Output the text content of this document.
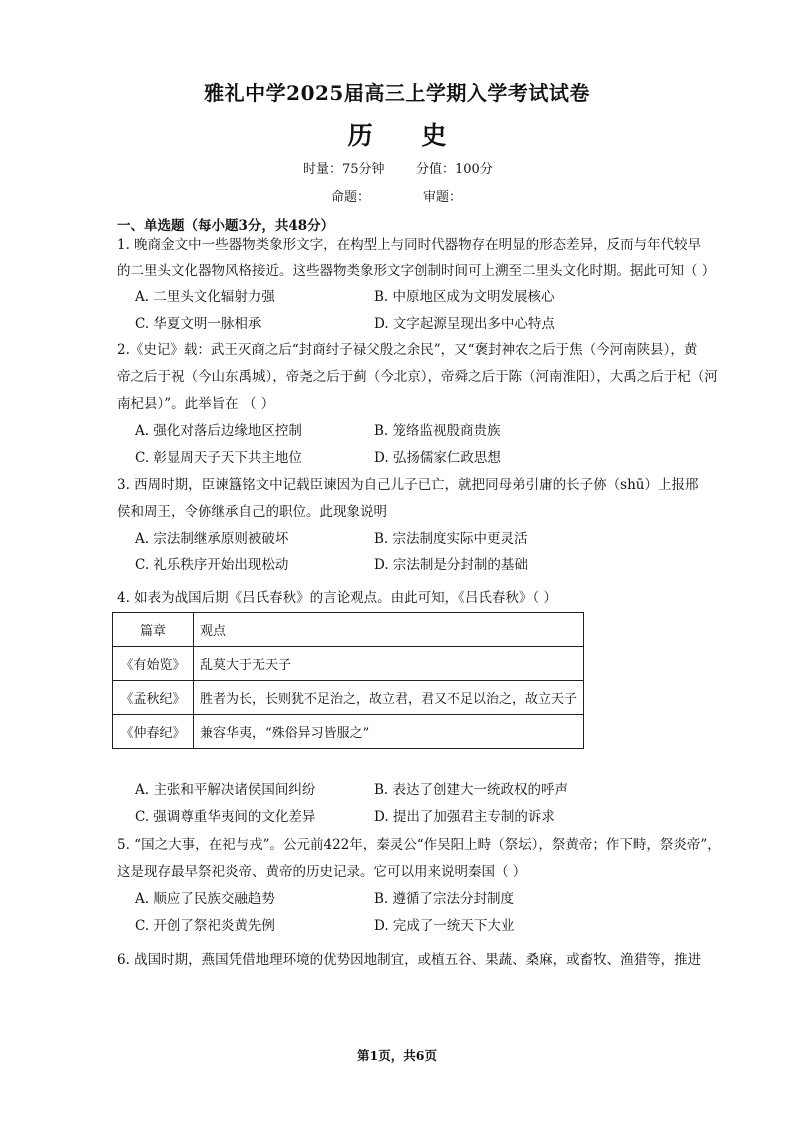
雅礼中学2025届高三上学期入学考试试卷
历 史
时量：75分钟 分值：100分
命题：	审题：
一、单选题（每小题3分，共48分）
1. 晚商金文中一些器物类象形文字，在构型上与同时代器物存在明显的形态差异，反而与年代较早
的二里头文化器物风格接近。这些器物类象形文字创制时间可上溯至二里头文化时期。据此可知（ ）
A. 二里头文化辐射力强	B. 中原地区成为文明发展核心
C. 华夏文明一脉相承	D. 文字起源呈现出多中心特点
2.《史记》载：武王灭商之后“封商纣子禄父殷之余民”，又“褒封神农之后于焦（今河南陕县），黄
帝之后于祝（今山东禹城），帝尧之后于蓟（今北京），帝舜之后于陈（河南淮阳），大禹之后于杞（河
南杞县）”。此举旨在 （ ）
A. 强化对落后边缘地区控制	B. 笼络监视殷商贵族
C. 彰显周天子天下共主地位	D. 弘扬儒家仁政思想
3. 西周时期，臣谏簋铭文中记载臣谏因为自己儿子已亡，就把同母弟引庸的长子㑊（shū）上报邢
侯和周王，令㑊继承自己的职位。此现象说明
A. 宗法制继承原则被破坏	B. 宗法制度实际中更灵活
C. 礼乐秩序开始出现松动	D. 宗法制是分封制的基础
4. 如表为战国后期《吕氏春秋》的言论观点。由此可知，《吕氏春秋》（ ）
篇章	观点
《有始览》	乱莫大于无天子
《孟秋纪》	胜者为长，长则犹不足治之，故立君，君又不足以治之，故立天子
《仲春纪》	兼容华夷，“殊俗异习皆服之”
A. 主张和平解决诸侯国间纠纷	B. 表达了创建大一统政权的呼声
C. 强调尊重华夷间的文化差异	D. 提出了加强君主专制的诉求
5. “国之大事，在祀与戎”。公元前422年，秦灵公“作吴阳上畤（祭坛），祭黄帝；作下畤，祭炎帝”，
这是现存最早祭祀炎帝、黄帝的历史记录。它可以用来说明秦国（ ）
A. 顺应了民族交融趋势	B. 遵循了宗法分封制度
C. 开创了祭祀炎黄先例	D. 完成了一统天下大业
6. 战国时期，燕国凭借地理环境的优势因地制宜，或植五谷、果蔬、桑麻，或畜牧、渔猎等，推进
第1页，共6页
